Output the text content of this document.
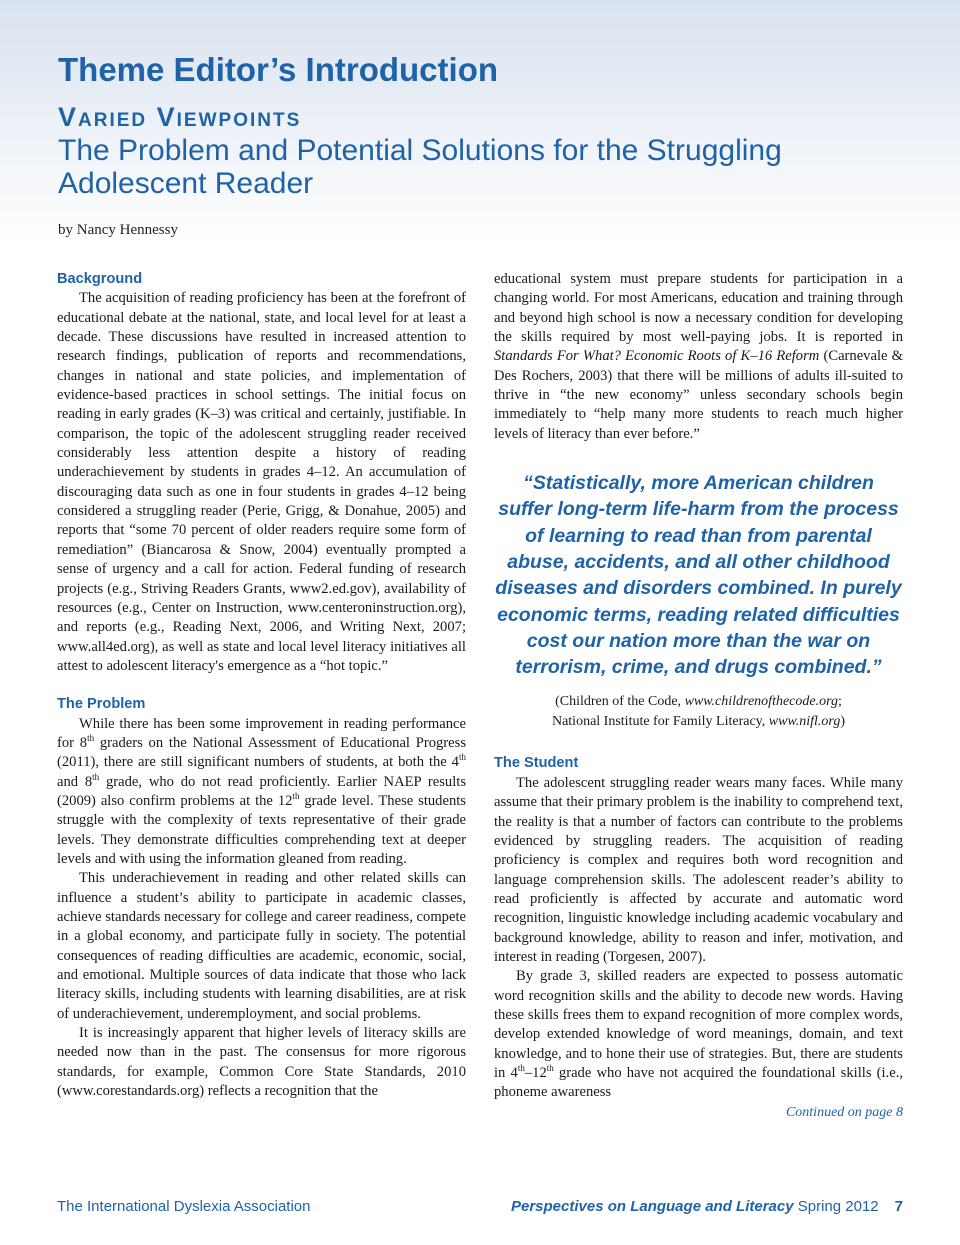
Theme Editor’s Introduction
Varied Viewpoints
The Problem and Potential Solutions for the Struggling Adolescent Reader
by Nancy Hennessy
Background

The acquisition of reading proficiency has been at the forefront of educational debate at the national, state, and local level for at least a decade. These discussions have resulted in increased attention to research findings, publication of reports and recommendations, changes in national and state policies, and implementation of evidence-based practices in school settings. The initial focus on reading in early grades (K–3) was critical and certainly, justifiable. In comparison, the topic of the adolescent struggling reader received considerably less attention despite a history of reading underachievement by students in grades 4–12. An accumulation of discouraging data such as one in four students in grades 4–12 being considered a struggling reader (Perie, Grigg, & Donahue, 2005) and reports that “some 70 percent of older readers require some form of remediation” (Biancarosa & Snow, 2004) eventually prompted a sense of urgency and a call for action. Federal funding of research projects (e.g., Striving Readers Grants, www2.ed.gov), availability of resources (e.g., Center on Instruction, www.centeroninstruction.org), and reports (e.g., Reading Next, 2006, and Writing Next, 2007; www.all4ed.org), as well as state and local level literacy initiatives all attest to adolescent literacy's emergence as a “hot topic.”

The Problem

While there has been some improvement in reading performance for 8th graders on the National Assessment of Educational Progress (2011), there are still significant numbers of students, at both the 4th and 8th grade, who do not read proficiently. Earlier NAEP results (2009) also confirm problems at the 12th grade level. These students struggle with the complexity of texts representative of their grade levels. They demonstrate difficulties comprehending text at deeper levels and with using the information gleaned from reading.

This underachievement in reading and other related skills can influence a student’s ability to participate in academic classes, achieve standards necessary for college and career readiness, compete in a global economy, and participate fully in society. The potential consequences of reading difficulties are academic, economic, social, and emotional. Multiple sources of data indicate that those who lack literacy skills, including students with learning disabilities, are at risk of underachievement, underemployment, and social problems.

It is increasingly apparent that higher levels of literacy skills are needed now than in the past. The consensus for more rigorous standards, for example, Common Core State Standards, 2010 (www.corestandards.org) reflects a recognition that the

educational system must prepare students for participation in a changing world. For most Americans, education and training through and beyond high school is now a necessary condition for developing the skills required by most well-paying jobs. It is reported in Standards For What? Economic Roots of K–16 Reform (Carnevale & Des Rochers, 2003) that there will be millions of adults ill-suited to thrive in “the new economy” unless secondary schools begin immediately to “help many more students to reach much higher levels of literacy than ever before.”

“Statistically, more American children suffer long-term life-harm from the process of learning to read than from parental abuse, accidents, and all other childhood diseases and disorders combined. In purely economic terms, reading related difficulties cost our nation more than the war on terrorism, crime, and drugs combined.”
(Children of the Code, www.childrenofthecode.org;
National Institute for Family Literacy, www.nifl.org)
The Student

The adolescent struggling reader wears many faces. While many assume that their primary problem is the inability to comprehend text, the reality is that a number of factors can contribute to the problems evidenced by struggling readers. The acquisition of reading proficiency is complex and requires both word recognition and language comprehension skills. The adolescent reader’s ability to read proficiently is affected by accurate and automatic word recognition, linguistic knowledge including academic vocabulary and background knowledge, ability to reason and infer, motivation, and interest in reading (Torgesen, 2007).

By grade 3, skilled readers are expected to possess automatic word recognition skills and the ability to decode new words. Having these skills frees them to expand recognition of more complex words, develop extended knowledge of word meanings, domain, and text knowledge, and to hone their use of strategies. But, there are students in 4th–12th grade who have not acquired the foundational skills (i.e., phoneme awareness

Continued on page 8
The International Dyslexia Association	Perspectives on Language and Literacy Spring 2012 7
